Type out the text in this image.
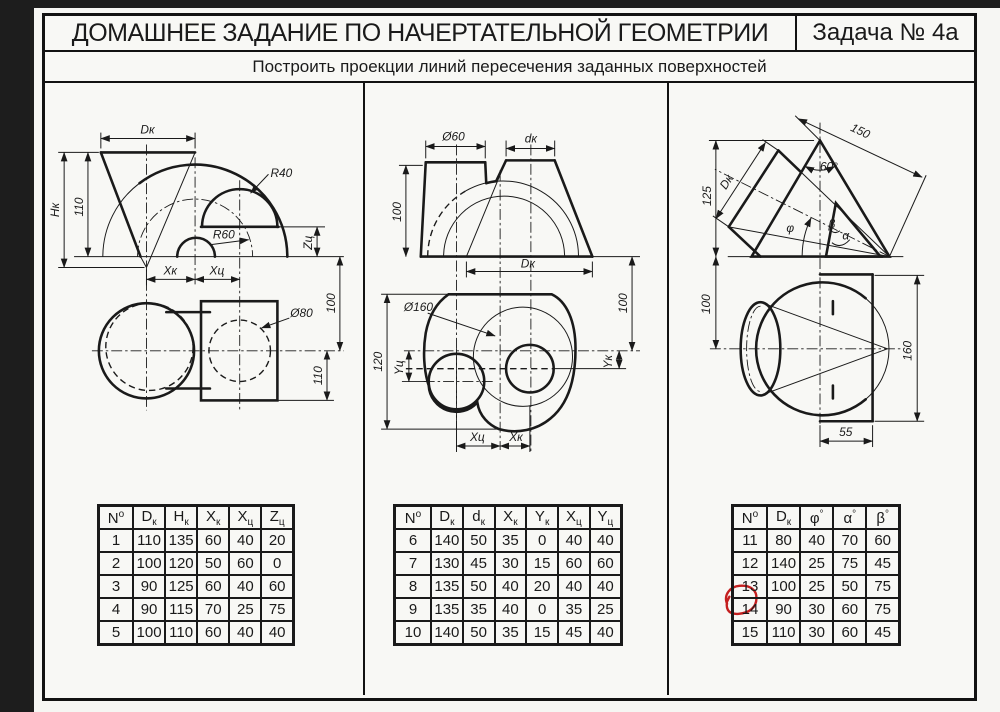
ДОМАШНЕЕ ЗАДАНИЕ ПО НАЧЕРТАТЕЛЬНОЙ ГЕОМЕТРИИ	Задача № 4а
Построить проекции линий пересечения заданных поверхностей
Dк
Hк 110
Zц
Xк	Xц
R40
R60
Ø80 100
110
$N^o$	$D_к$	$H_к$	$X_к$	$X_ц$	$Z_ц$
1	110	135	60	40	20
2	100	120	50	60	0
3	90	125	60	40	60
4	90	115	70	25	75
5	100	110	60	40	40
Ø60	dк
100
Dк
Ø160
120 Yц
100
Yк
Xц Xк
$N^o$	$D_к$	$d_к$	$X_к$	$Y_к$	$X_ц$	$Y_ц$
6	140	50	35	0	40	40
7	130	45	30	15	60	60
8	135	50	40	20	40	40
9	135	35	40	0	35	25
10	140	50	35	15	45	40
60°
φ	β
α
150
Dк
125
100
160
55
$N^o$	$D_к$	φ°	α°	β°
11	80	40	70	60
12	140	25	75	45
13	100	25	50	75
14	90	30	60	75
15	110	30	60	45
